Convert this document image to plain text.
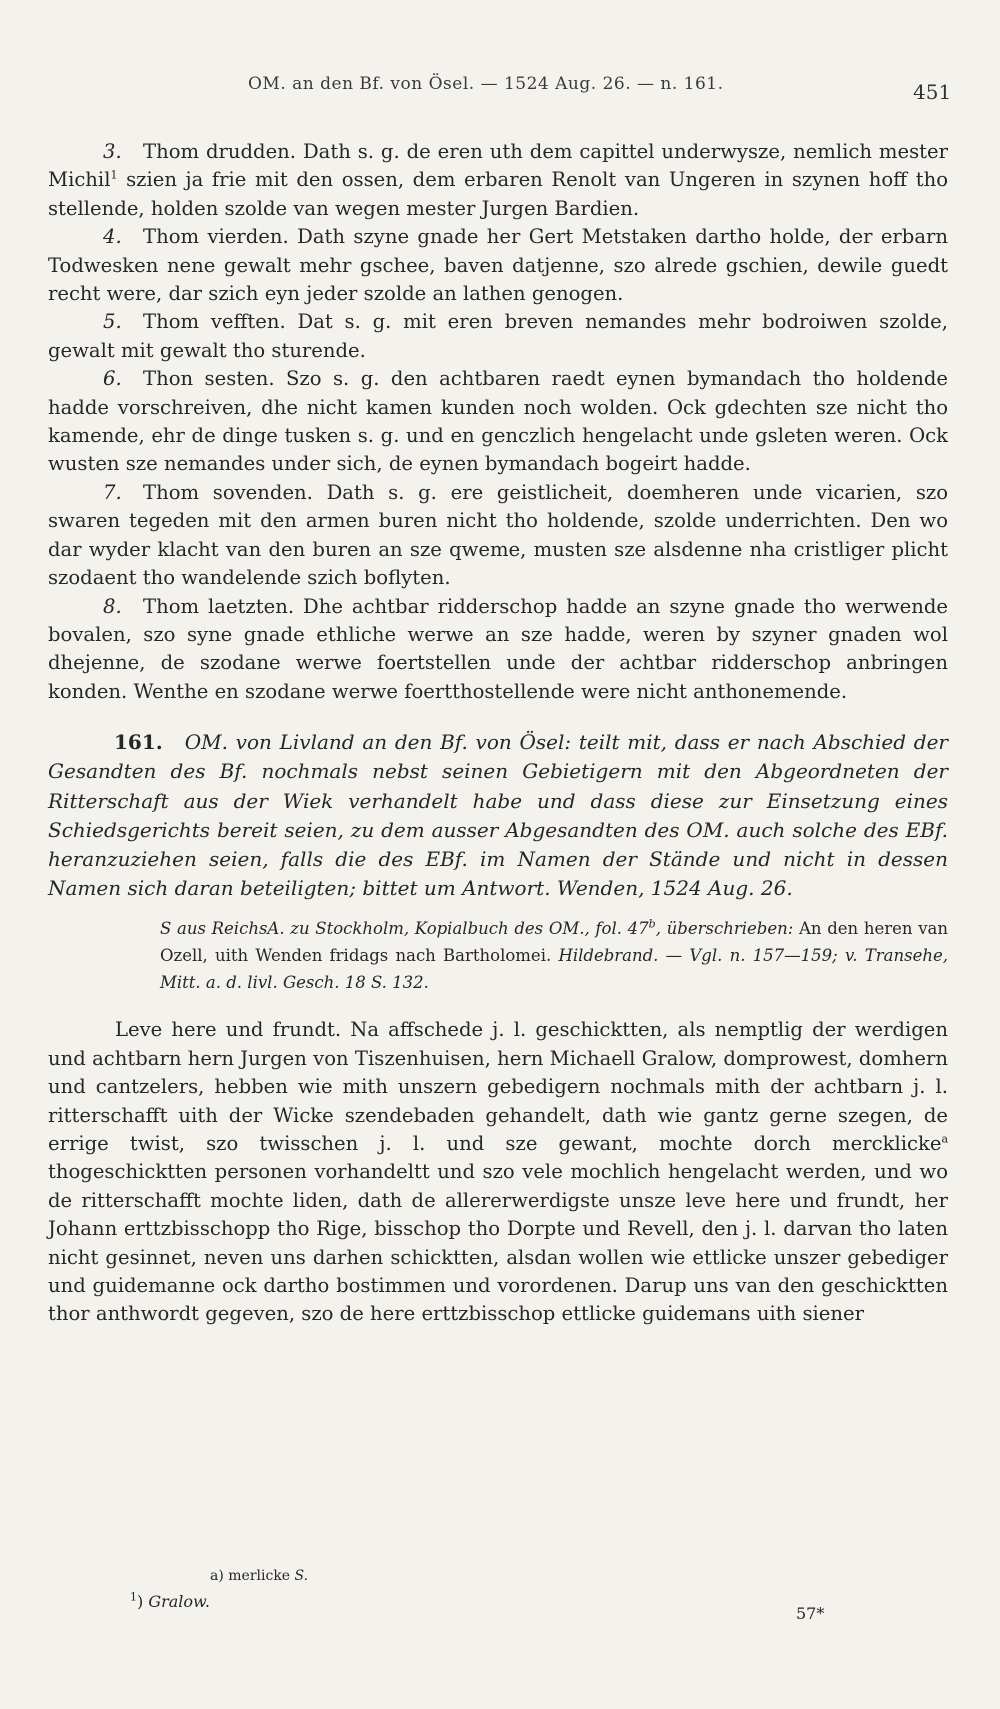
OM. an den Bf. von Ösel. — 1524 Aug. 26. — n. 161.	451

3. Thom drudden. Dath s. g. de eren uth dem capittel underwysze, nemlich mester Michil$^1$ szien ja frie mit den ossen, dem erbaren Renolt van Ungeren in szynen hoff tho stellende, holden szolde van wegen mester Jurgen Bardien.

4. Thom vierden. Dath szyne gnade her Gert Metstaken dartho holde, der erbarn Todwesken nene gewalt mehr gschee, baven datjenne, szo alrede gschien, dewile guedt recht were, dar szich eyn jeder szolde an lathen genogen.

5. Thom vefften. Dat s. g. mit eren breven nemandes mehr bodroiwen szolde, gewalt mit gewalt tho sturende.

6. Thon sesten. Szo s. g. den achtbaren raedt eynen bymandach tho holdende hadde vorschreiven, dhe nicht kamen kunden noch wolden. Ock gdechten sze nicht tho kamende, ehr de dinge tusken s. g. und en genczlich hengelacht unde gsleten weren. Ock wusten sze nemandes under sich, de eynen bymandach bogeirt hadde.

7. Thom sovenden. Dath s. g. ere geistlicheit, doemheren unde vicarien, szo swaren tegeden mit den armen buren nicht tho holdende, szolde underrichten. Den wo dar wyder klacht van den buren an sze qweme, musten sze alsdenne nha cristliger plicht szodaent tho wandelende szich boflyten.

8. Thom laetzten. Dhe achtbar ridderschop hadde an szyne gnade tho werwende bovalen, szo syne gnade ethliche werwe an sze hadde, weren by szyner gnaden wol dhejenne, de szodane werwe foertstellen unde der achtbar ridderschop anbringen konden. Wenthe en szodane werwe foertthostellende were nicht anthonemende.

161. OM. von Livland an den Bf. von Ösel: teilt mit, dass er nach Abschied der Gesandten des Bf. nochmals nebst seinen Gebietigern mit den Abgeordneten der Ritterschaft aus der Wiek verhandelt habe und dass diese zur Einsetzung eines Schiedsgerichts bereit seien, zu dem ausser Abgesandten des OM. auch solche des EBf. heranzuziehen seien, falls die des EBf. im Namen der Stände und nicht in dessen Namen sich daran beteiligten; bittet um Antwort. Wenden, 1524 Aug. 26.

S aus ReichsA. zu Stockholm, Kopialbuch des OM., fol. 47$^b$, überschrieben: An den heren van Ozell, uith Wenden fridags nach Bartholomei. Hildebrand. — Vgl. n. 157—159; v. Transehe, Mitt. a. d. livl. Gesch. 18 S. 132.

Leve here und frundt. Na affschede j. l. geschicktten, als nemptlig der werdigen und achtbarn hern Jurgen von Tiszenhuisen, hern Michaell Gralow, domprowest, domhern und cantzelers, hebben wie mith unszern gebedigern nochmals mith der achtbarn j. l. ritterschafft uith der Wicke szendebaden gehandelt, dath wie gantz gerne szegen, de errige twist, szo twisschen j. l. und sze gewant, mochte dorch mercklicke$^a$ thogeschicktten personen vorhandeltt und szo vele mochlich hengelacht werden, und wo de ritterschafft mochte liden, dath de allererwerdigste unsze leve here und frundt, her Johann erttzbisschopp tho Rige, bisschop tho Dorpte und Revell, den j. l. darvan tho laten nicht gesinnet, neven uns darhen schicktten, alsdan wollen wie ettlicke unszer gebediger und guidemanne ock dartho bostimmen und vorordenen. Darup uns van den geschicktten thor anthwordt gegeven, szo de here erttzbisschop ettlicke guidemans uith siener

a) merlicke S.
$^1$) Gralow.
57*
